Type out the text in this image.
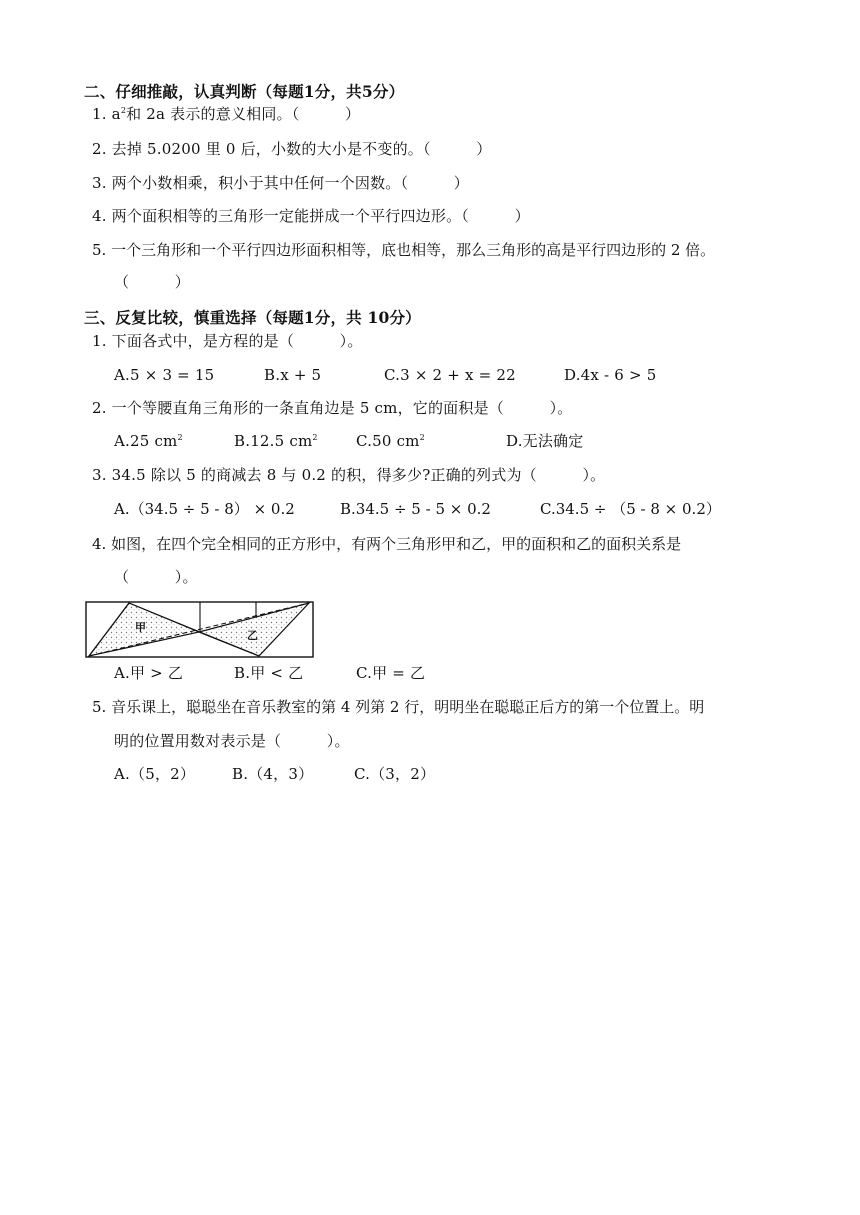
二、仔细推敲，认真判断（每题1分，共5分）
1. $a^2$和 2a 表示的意义相同。（　　　）
2. 去掉 5.0200 里 0 后，小数的大小是不变的。（　　　）
3. 两个小数相乘，积小于其中任何一个因数。（　　　）
4. 两个面积相等的三角形一定能拼成一个平行四边形。（　　　）
5. 一个三角形和一个平行四边形面积相等，底也相等，那么三角形的高是平行四边形的 2 倍。
（　　　）
三、反复比较，慎重选择（每题1分，共 10分）
1. 下面各式中，是方程的是（　　　）。
A.5 × 3 = 15	B.x + 5	C.3 × 2 + x = 22	D.4x - 6 > 5
2. 一个等腰直角三角形的一条直角边是 5 cm，它的面积是（　　　）。
A.25 $cm^2$	B.12.5 $cm^2$	C.50 $cm^2$	D.无法确定
3. 34.5 除以 5 的商减去 8 与 0.2 的积，得多少?正确的列式为（　　　）。
A.（34.5 ÷ 5 - 8） × 0.2	B.34.5 ÷ 5 - 5 × 0.2	C.34.5 ÷ （5 - 8 × 0.2）
4. 如图，在四个完全相同的正方形中，有两个三角形甲和乙，甲的面积和乙的面积关系是
（　　　）。
甲
乙
A.甲 > 乙	B.甲 < 乙	C.甲 = 乙
5. 音乐课上，聪聪坐在音乐教室的第 4 列第 2 行，明明坐在聪聪正后方的第一个位置上。明
明的位置用数对表示是（　　　）。
A.（5，2） B.（4，3）	C.（3，2）
